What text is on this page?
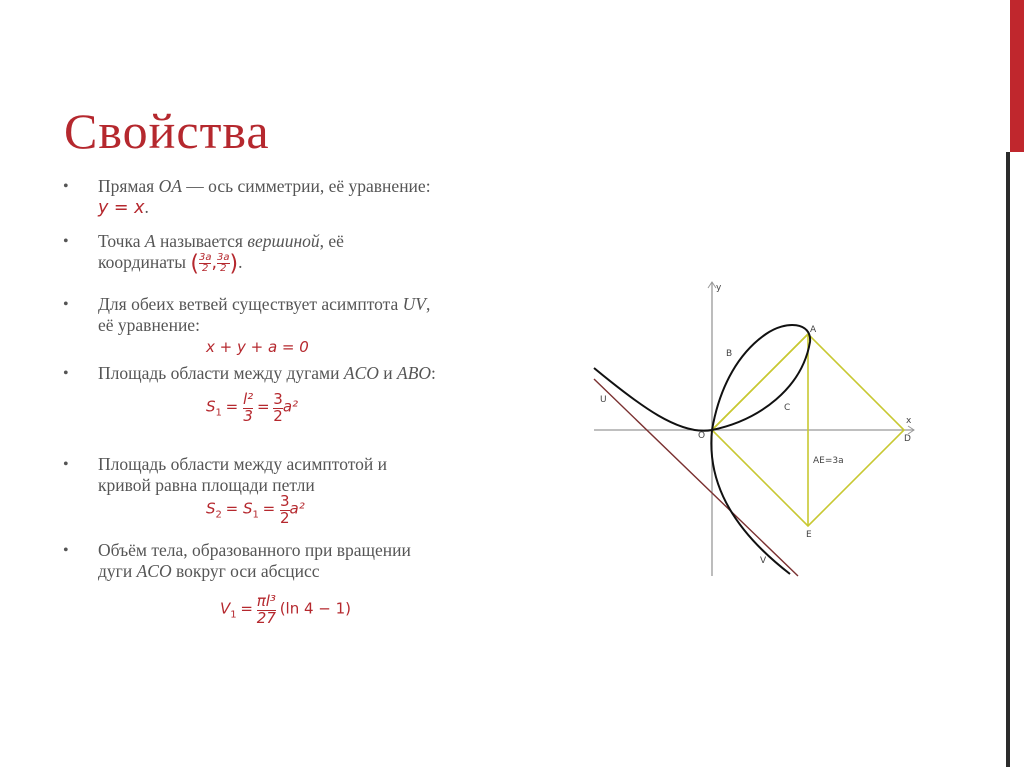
Свойства
• Прямая OA — ось симметрии, её уравнение:
y = x.
• Точка A называется вершиной, её
координаты ( $\frac{3a}{2}$ , $\frac{3a}{2}$ ).
• Для обеих ветвей существует асимптота UV,
её уравнение:
x + y + a = 0
• Площадь области между дугами ACO и ABO:
$S_1 = \frac{\text{l²}}{3} = \frac{3}{2} a^2$
• Площадь области между асимптотой и
кривой равна площади петли
$S_2 = S_1 = \frac{3}{2} a^2$
• Объём тела, образованного при вращении
дуги ACO вокруг оси абсцисс
$V_1 = \frac{\text{πl³}}{27} (\ln$ 4 − 1)
y
x
A
B
C
O	D
E
U
V
AE=3a
